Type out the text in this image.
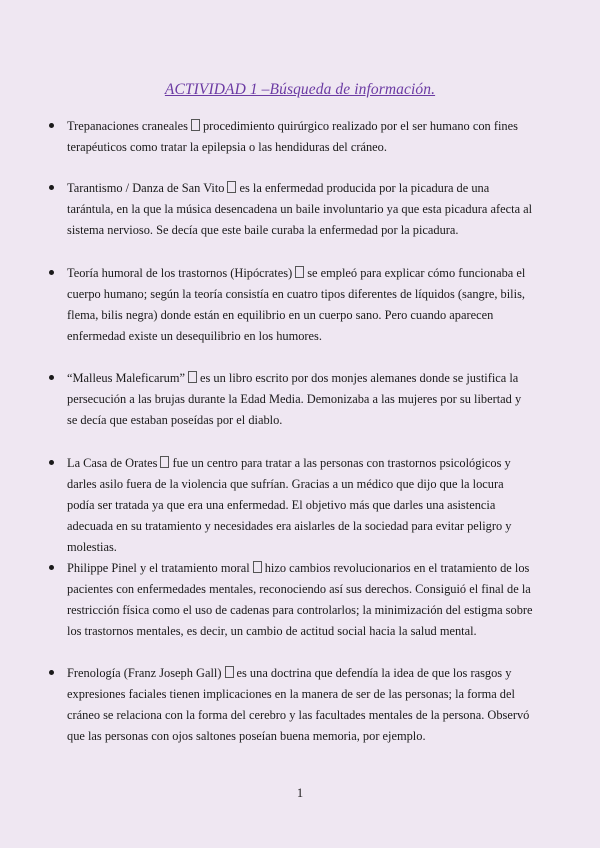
ACTIVIDAD 1 –Búsqueda de información.
Trepanaciones craneales procedimiento quirúrgico realizado por el ser humano con fines terapéuticos como tratar la epilepsia o las hendiduras del cráneo.
Tarantismo / Danza de San Vito es la enfermedad producida por la picadura de una tarántula, en la que la música desencadena un baile involuntario ya que esta picadura afecta al sistema nervioso. Se decía que este baile curaba la enfermedad por la picadura.
Teoría humoral de los trastornos (Hipócrates) se empleó para explicar cómo funcionaba el cuerpo humano; según la teoría consistía en cuatro tipos diferentes de líquidos (sangre, bilis, flema, bilis negra) donde están en equilibrio en un cuerpo sano. Pero cuando aparecen enfermedad existe un desequilibrio en los humores.
“Malleus Maleficarum” es un libro escrito por dos monjes alemanes donde se justifica la persecución a las brujas durante la Edad Media. Demonizaba a las mujeres por su libertad y se decía que estaban poseídas por el diablo.
La Casa de Orates fue un centro para tratar a las personas con trastornos psicológicos y darles asilo fuera de la violencia que sufrían. Gracias a un médico que dijo que la locura podía ser tratada ya que era una enfermedad. El objetivo más que darles una asistencia adecuada en su tratamiento y necesidades era aislarles de la sociedad para evitar peligro y molestias.
Philippe Pinel y el tratamiento moral hizo cambios revolucionarios en el tratamiento de los pacientes con enfermedades mentales, reconociendo así sus derechos. Consiguió el final de la restricción física como el uso de cadenas para controlarlos; la minimización del estigma sobre los trastornos mentales, es decir, un cambio de actitud social hacia la salud mental.
Frenología (Franz Joseph Gall) es una doctrina que defendía la idea de que los rasgos y expresiones faciales tienen implicaciones en la manera de ser de las personas; la forma del cráneo se relaciona con la forma del cerebro y las facultades mentales de la persona. Observó que las personas con ojos saltones poseían buena memoria, por ejemplo.
1
